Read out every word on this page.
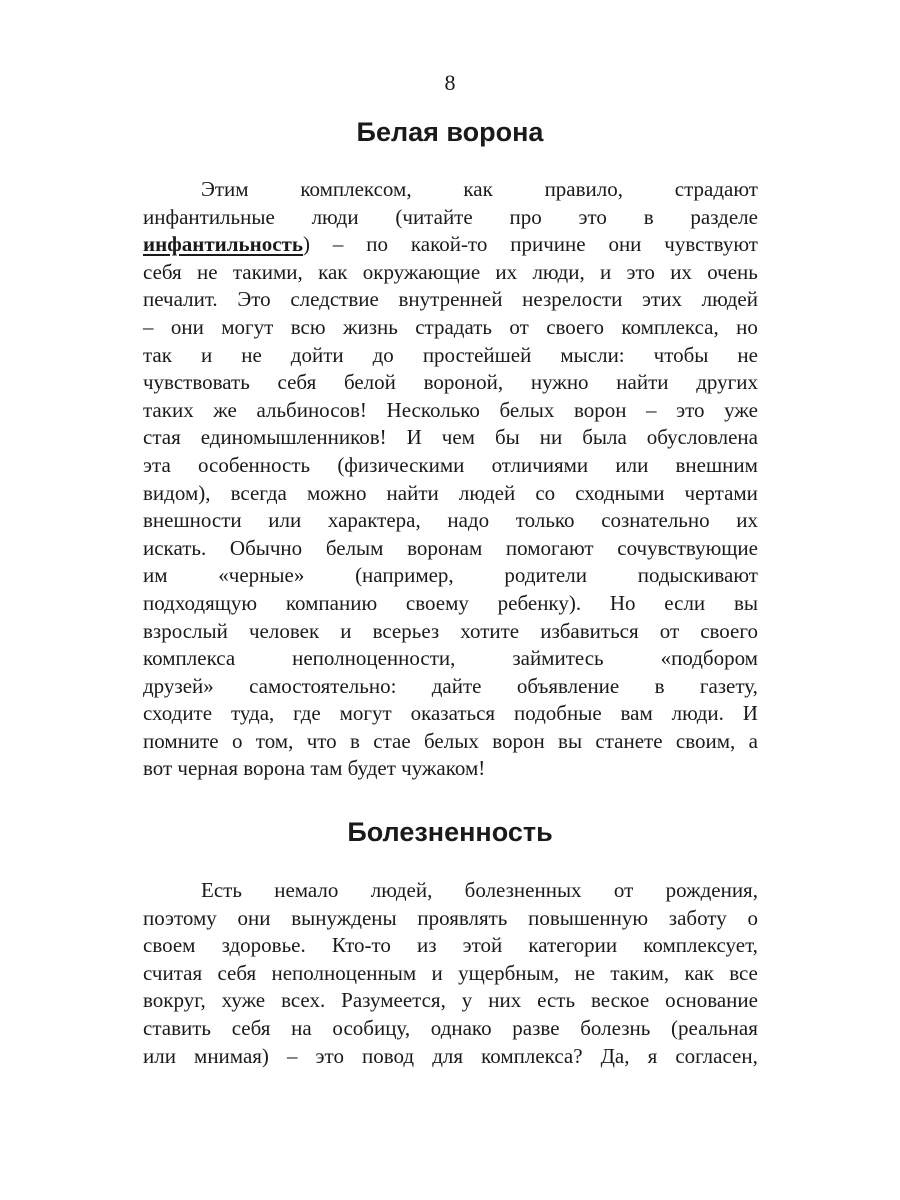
8
Белая ворона
Этим комплексом, как правило, страдают
инфантильные люди (читайте про это в разделе
инфантильность) – по какой-то причине они чувствуют
себя не такими, как окружающие их люди, и это их очень
печалит. Это следствие внутренней незрелости этих людей
– они могут всю жизнь страдать от своего комплекса, но
так и не дойти до простейшей мысли: чтобы не
чувствовать себя белой вороной, нужно найти других
таких же альбиносов! Несколько белых ворон – это уже
стая единомышленников! И чем бы ни была обусловлена
эта особенность (физическими отличиями или внешним
видом), всегда можно найти людей со сходными чертами
внешности или характера, надо только сознательно их
искать. Обычно белым воронам помогают сочувствующие
им «черные» (например, родители подыскивают
подходящую компанию своему ребенку). Но если вы
взрослый человек и всерьез хотите избавиться от своего
комплекса	неполноценности,	займитесь	«подбором
друзей» самостоятельно: дайте объявление в газету,
сходите туда, где могут оказаться подобные вам люди. И
помните о том, что в стае белых ворон вы станете своим, а
вот черная ворона там будет чужаком!
Болезненность
Есть немало людей, болезненных от рождения,
поэтому они вынуждены проявлять повышенную заботу о
своем здоровье. Кто-то из этой категории комплексует,
считая себя неполноценным и ущербным, не таким, как все
вокруг, хуже всех. Разумеется, у них есть веское основание
ставить себя на особицу, однако разве болезнь (реальная
или мнимая) – это повод для комплекса? Да, я согласен,
